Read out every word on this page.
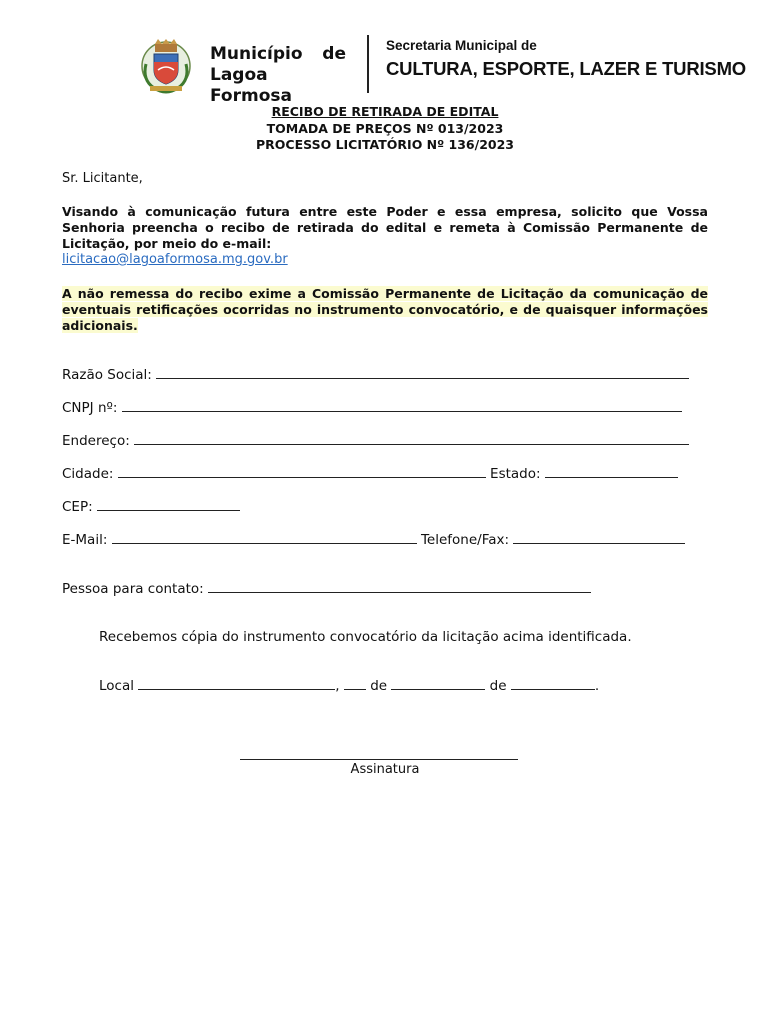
Município de
Lagoa Formosa
Secretaria Municipal de
CULTURA, ESPORTE, LAZER E TURISMO
RECIBO DE RETIRADA DE EDITAL
TOMADA DE PREÇOS Nº 013/2023
PROCESSO LICITATÓRIO Nº 136/2023
Sr. Licitante,
Visando à comunicação futura entre este Poder e essa empresa, solicito que Vossa Senhoria preencha o recibo de retirada do edital e remeta à Comissão Permanente de Licitação, por meio do e-mail:
licitacao@lagoaformosa.mg.gov.br
A não remessa do recibo exime a Comissão Permanente de Licitação da comunicação de eventuais retificações ocorridas no instrumento convocatório, e de quaisquer informações adicionais.
Razão Social:
CNPJ nº:
Endereço:
Cidade:	Estado:
CEP:
E-Mail:	Telefone/Fax:
Pessoa para contato:
Recebemos cópia do instrumento convocatório da licitação acima identificada.
Local	, de	de	.
Assinatura
